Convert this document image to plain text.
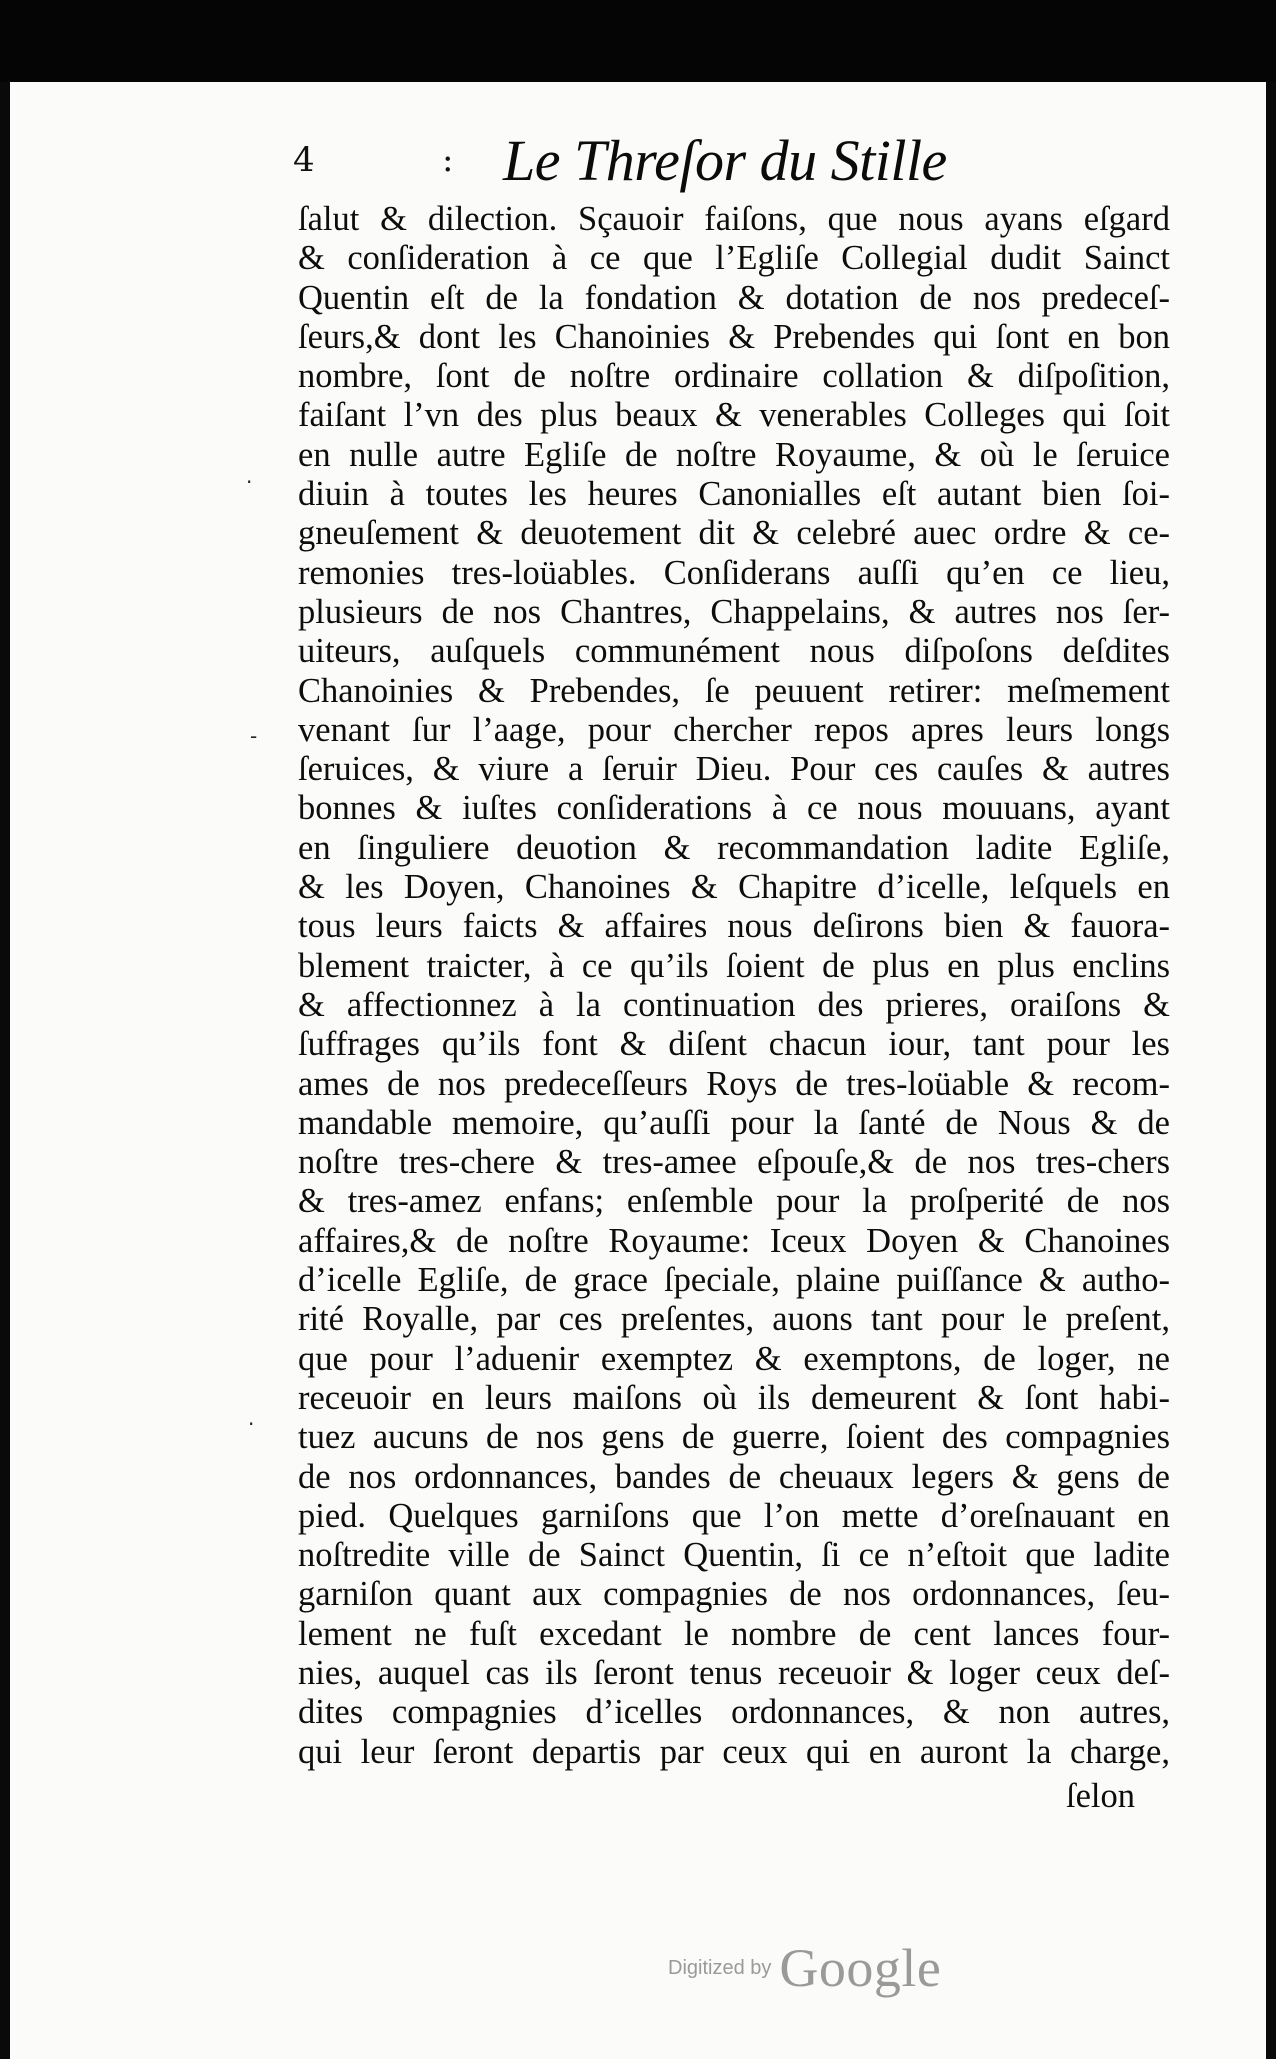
4	: Le Threſor du Stille
ſalut & dilection. Sçauoir faiſons, que nous ayans eſgard
& conſideration à ce que l’Egliſe Collegial dudit Sainct
Quentin eſt de la fondation & dotation de nos predeceſ-
ſeurs,& dont les Chanoinies & Prebendes qui ſont en bon
nombre, ſont de noſtre ordinaire collation & diſpoſition,
faiſant l’vn des plus beaux & venerables Colleges qui ſoit
en nulle autre Egliſe de noſtre Royaume, & où le ſeruice
diuin à toutes les heures Canonialles eſt autant bien ſoi-
gneuſement & deuotement dit & celebré auec ordre & ce-
remonies tres-loüables. Conſiderans auſſi qu’en ce lieu,
plusieurs de nos Chantres, Chappelains, & autres nos ſer-
uiteurs, auſquels communément nous diſpoſons deſdites
Chanoinies & Prebendes, ſe peuuent retirer: meſmement
venant ſur l’aage, pour chercher repos apres leurs longs
ſeruices, & viure a ſeruir Dieu. Pour ces cauſes & autres
bonnes & iuſtes conſiderations à ce nous mouuans, ayant
en ſinguliere deuotion & recommandation ladite Egliſe,
& les Doyen, Chanoines & Chapitre d’icelle, leſquels en
tous leurs faicts & affaires nous deſirons bien & fauora-
blement traicter, à ce qu’ils ſoient de plus en plus enclins
& affectionnez à la continuation des prieres, oraiſons &
ſuffrages qu’ils font & diſent chacun iour, tant pour les
ames de nos predeceſſeurs Roys de tres-loüable & recom-
mandable memoire, qu’auſſi pour la ſanté de Nous & de
noſtre tres-chere & tres-amee eſpouſe,& de nos tres-chers
& tres-amez enfans; enſemble pour la proſperité de nos
affaires,& de noſtre Royaume: Iceux Doyen & Chanoines
d’icelle Egliſe, de grace ſpeciale, plaine puiſſance & autho-
rité Royalle, par ces preſentes, auons tant pour le preſent,
que pour l’aduenir exemptez & exemptons, de loger, ne
receuoir en leurs maiſons où ils demeurent & ſont habi-
tuez aucuns de nos gens de guerre, ſoient des compagnies
de nos ordonnances, bandes de cheuaux legers & gens de
pied. Quelques garniſons que l’on mette d’oreſnauant en
noſtredite ville de Sainct Quentin, ſi ce n’eſtoit que ladite
garniſon quant aux compagnies de nos ordonnances, ſeu-
lement ne fuſt excedant le nombre de cent lances four-
nies, auquel cas ils ſeront tenus receuoir & loger ceux deſ-
dites compagnies d’icelles ordonnances, & non autres,
qui leur ſeront departis par ceux qui en auront la charge,
ſelon
·
-
·
Digitized by Google
